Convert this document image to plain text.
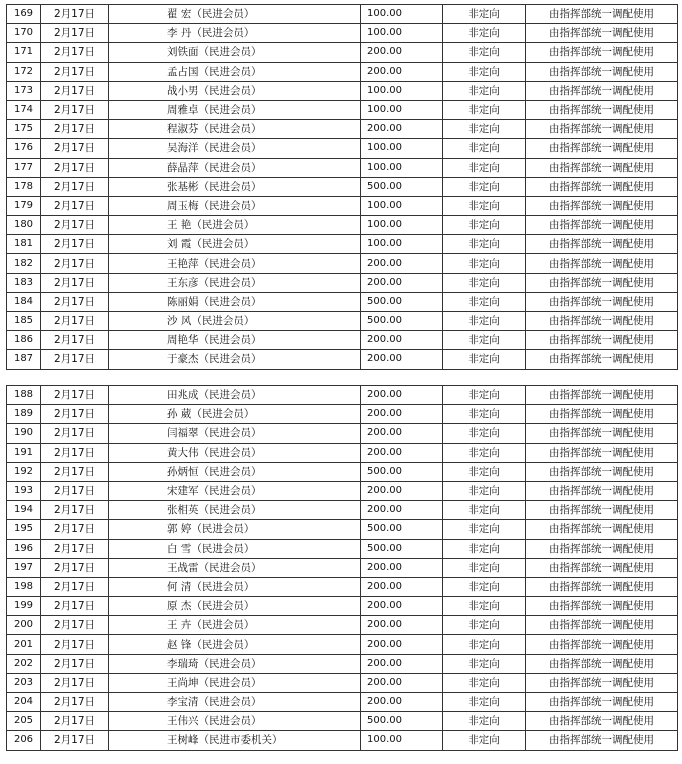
169	2月17日	翟 宏（民进会员）	100.00	非定向	由指挥部统一调配使用
170	2月17日	李 丹（民进会员）	100.00	非定向	由指挥部统一调配使用
171	2月17日	刘铁面（民进会员）	200.00	非定向	由指挥部统一调配使用
172	2月17日	孟占国（民进会员）	200.00	非定向	由指挥部统一调配使用
173	2月17日	战小男（民进会员）	100.00	非定向	由指挥部统一调配使用
174	2月17日	周雅卓（民进会员）	100.00	非定向	由指挥部统一调配使用
175	2月17日	程淑芬（民进会员）	200.00	非定向	由指挥部统一调配使用
176	2月17日	吴海洋（民进会员）	100.00	非定向	由指挥部统一调配使用
177	2月17日	薛晶萍（民进会员）	100.00	非定向	由指挥部统一调配使用
178	2月17日	张基彬（民进会员）	500.00	非定向	由指挥部统一调配使用
179	2月17日	周玉梅（民进会员）	100.00	非定向	由指挥部统一调配使用
180	2月17日	王 艳（民进会员）	100.00	非定向	由指挥部统一调配使用
181	2月17日	刘 霞（民进会员）	100.00	非定向	由指挥部统一调配使用
182	2月17日	王艳萍（民进会员）	200.00	非定向	由指挥部统一调配使用
183	2月17日	王东彦（民进会员）	200.00	非定向	由指挥部统一调配使用
184	2月17日	陈丽娟（民进会员）	500.00	非定向	由指挥部统一调配使用
185	2月17日	沙 风（民进会员）	500.00	非定向	由指挥部统一调配使用
186	2月17日	周艳华（民进会员）	200.00	非定向	由指挥部统一调配使用
187	2月17日	于豪杰（民进会员）	200.00	非定向	由指挥部统一调配使用
188	2月17日	田兆成（民进会员）	200.00	非定向	由指挥部统一调配使用
189	2月17日	孙 葳（民进会员）	200.00	非定向	由指挥部统一调配使用
190	2月17日	闫福翠（民进会员）	200.00	非定向	由指挥部统一调配使用
191	2月17日	黄大伟（民进会员）	200.00	非定向	由指挥部统一调配使用
192	2月17日	孙炳恒（民进会员）	500.00	非定向	由指挥部统一调配使用
193	2月17日	宋建军（民进会员）	200.00	非定向	由指挥部统一调配使用
194	2月17日	张相英（民进会员）	200.00	非定向	由指挥部统一调配使用
195	2月17日	郭 婷（民进会员）	500.00	非定向	由指挥部统一调配使用
196	2月17日	白 雪（民进会员）	500.00	非定向	由指挥部统一调配使用
197	2月17日	王战雷（民进会员）	200.00	非定向	由指挥部统一调配使用
198	2月17日	何 清（民进会员）	200.00	非定向	由指挥部统一调配使用
199	2月17日	原 杰（民进会员）	200.00	非定向	由指挥部统一调配使用
200	2月17日	王 卉（民进会员）	200.00	非定向	由指挥部统一调配使用
201	2月17日	赵 锋（民进会员）	200.00	非定向	由指挥部统一调配使用
202	2月17日	李瑞琦（民进会员）	200.00	非定向	由指挥部统一调配使用
203	2月17日	王尚坤（民进会员）	200.00	非定向	由指挥部统一调配使用
204	2月17日	李宝清（民进会员）	200.00	非定向	由指挥部统一调配使用
205	2月17日	王伟兴（民进会员）	500.00	非定向	由指挥部统一调配使用
206	2月17日	王树峰（民进市委机关）	100.00	非定向	由指挥部统一调配使用
